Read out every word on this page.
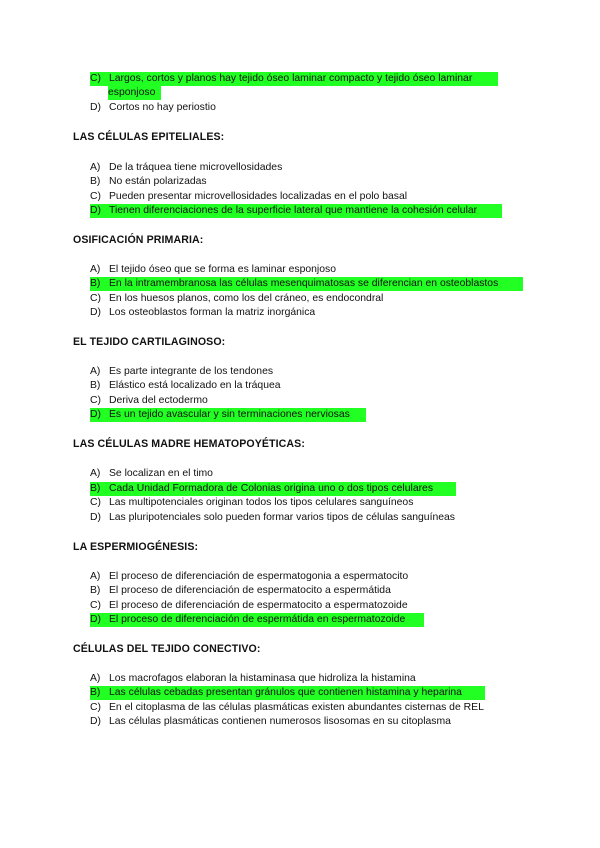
C) Largos, cortos y planos hay tejido óseo laminar compacto y tejido óseo laminar
esponjoso
D) Cortos no hay periostio
LAS CÉLULAS EPITELIALES:
A) De la tráquea tiene microvellosidades
B) No están polarizadas
C) Pueden presentar microvellosidades localizadas en el polo basal
D) Tienen diferenciaciones de la superficie lateral que mantiene la cohesión celular
OSIFICACIÓN PRIMARIA:
A) El tejido óseo que se forma es laminar esponjoso
B) En la intramembranosa las células mesenquimatosas se diferencian en osteoblastos
C) En los huesos planos, como los del cráneo, es endocondral
D) Los osteoblastos forman la matriz inorgánica
EL TEJIDO CARTILAGINOSO:
A) Es parte integrante de los tendones
B) Elástico está localizado en la tráquea
C) Deriva del ectodermo
D) Es un tejido avascular y sin terminaciones nerviosas
LAS CÉLULAS MADRE HEMATOPOYÉTICAS:
A) Se localizan en el timo
B) Cada Unidad Formadora de Colonias origina uno o dos tipos celulares
C) Las multipotenciales originan todos los tipos celulares sanguíneos
D) Las pluripotenciales solo pueden formar varios tipos de células sanguíneas
LA ESPERMIOGÉNESIS:
A) El proceso de diferenciación de espermatogonia a espermatocito
B) El proceso de diferenciación de espermatocito a espermátida
C) El proceso de diferenciación de espermatocito a espermatozoide
D) El proceso de diferenciación de espermátida en espermatozoide
CÉLULAS DEL TEJIDO CONECTIVO:
A) Los macrofagos elaboran la histaminasa que hidroliza la histamina
B) Las células cebadas presentan gránulos que contienen histamina y heparina
C) En el citoplasma de las células plasmáticas existen abundantes cisternas de REL
D) Las células plasmáticas contienen numerosos lisosomas en su citoplasma
